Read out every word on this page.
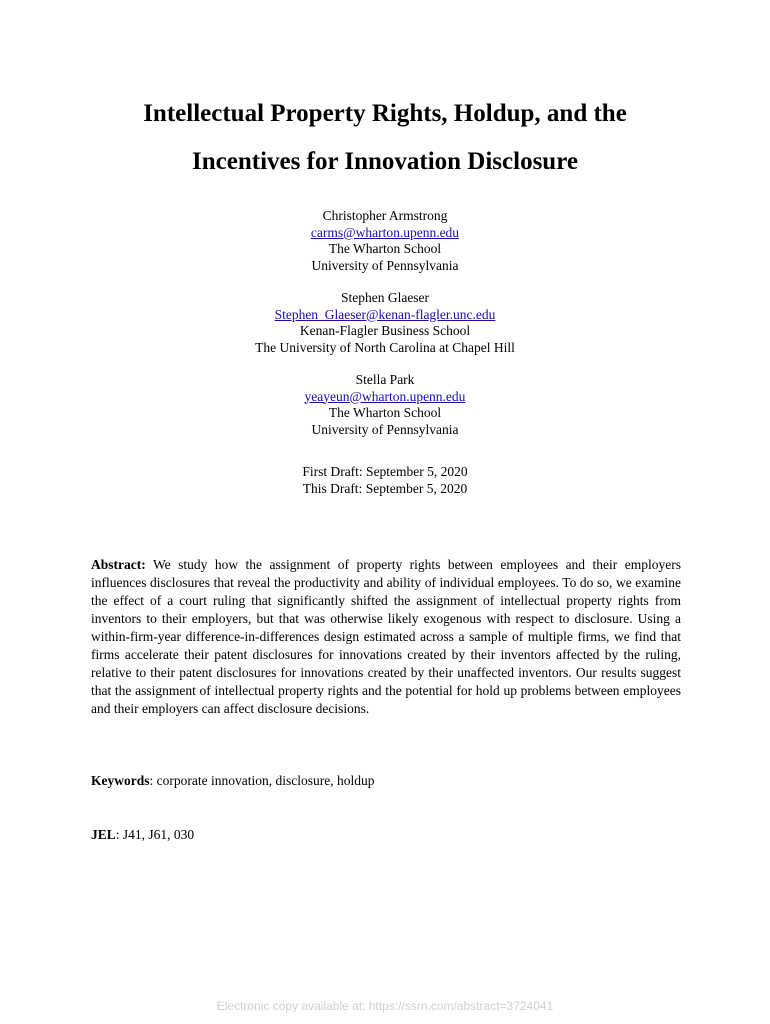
Intellectual Property Rights, Holdup, and the
Incentives for Innovation Disclosure
Christopher Armstrong
carms@wharton.upenn.edu
The Wharton School
University of Pennsylvania
Stephen Glaeser
Stephen_Glaeser@kenan-flagler.unc.edu
Kenan-Flagler Business School
The University of North Carolina at Chapel Hill
Stella Park
yeayeun@wharton.upenn.edu
The Wharton School
University of Pennsylvania
First Draft: September 5, 2020
This Draft: September 5, 2020

Abstract: We study how the assignment of property rights between employees and their employers influences disclosures that reveal the productivity and ability of individual employees. To do so, we examine the effect of a court ruling that significantly shifted the assignment of intellectual property rights from inventors to their employers, but that was otherwise likely exogenous with respect to disclosure. Using a within-firm-year difference-in-differences design estimated across a sample of multiple firms, we find that firms accelerate their patent disclosures for innovations created by their inventors affected by the ruling, relative to their patent disclosures for innovations created by their unaffected inventors. Our results suggest that the assignment of intellectual property rights and the potential for hold up problems between employees and their employers can affect disclosure decisions.

Keywords: corporate innovation, disclosure, holdup

JEL: J41, J61, 030

Electronic copy available at: https://ssrn.com/abstract=3724041
